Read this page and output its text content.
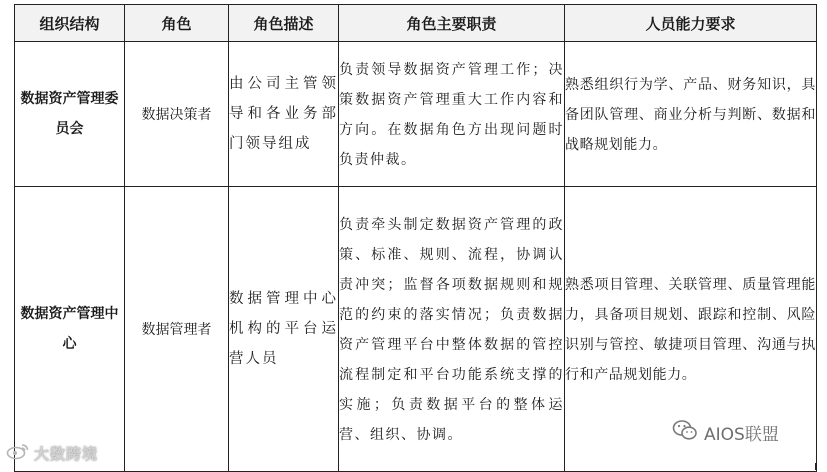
组织结构	角色	角色描述	角色主要职责	人员能力要求
数据资产管理委员会	数据决策者	由公司主管领导和各业务部门领导组成	负责领导数据资产管理工作；决策数据资产管理重大工作内容和方向。在数据角色方出现问题时负责仲裁。	熟悉组织行为学、产品、财务知识，具备团队管理、商业分析与判断、数据和战略规划能力。
数据资产管理中心	数据管理者	数据管理中心机构的平台运营人员	负责牵头制定数据资产管理的政策、标准、规则、流程，协调认责冲突；监督各项数据规则和规范的约束的落实情况；负责数据资产管理平台中整体数据的管控流程制定和平台功能系统支撑的实施；负责数据平台的整体运营、组织、协调。	熟悉项目管理、关联管理、质量管理能力，具备项目规划、跟踪和控制、风险识别与管控、敏捷项目管理、沟通与执行和产品规划能力。
大数跨境
AIOS联盟
